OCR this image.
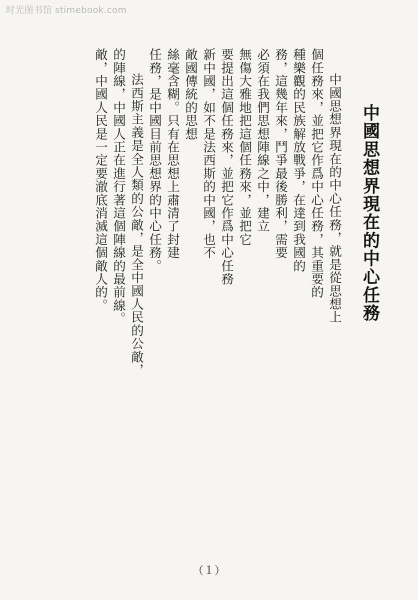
时光图书馆 stimebook.com
中國思想界現在的中心任務
中國思想界現在的中心任務，就是從思想上
個任務來，並把它作爲中心任務，其重要的
種樂觀的民族解放戰爭，在達到我國的
務，這幾年來，鬥爭最後勝利，需要
必須在我們思想陣線之中，建立
無傷大雅地把這個任務來，並把它
要提出這個任務來，並把它作爲中心任務
新中國，如不是法西斯的中國，也不
敵國傳統的思想
絲毫含糊。只有在思想上肅清了封建
任務，是中國目前思想界的中心任務。
法西斯主義是全人類的公敵，是全中國人民的公敵，
的陣線，中國人正在進行著這個陣線的最前線。
敵，中國人民是一定要澈底消滅這個敵人的。
（１）
